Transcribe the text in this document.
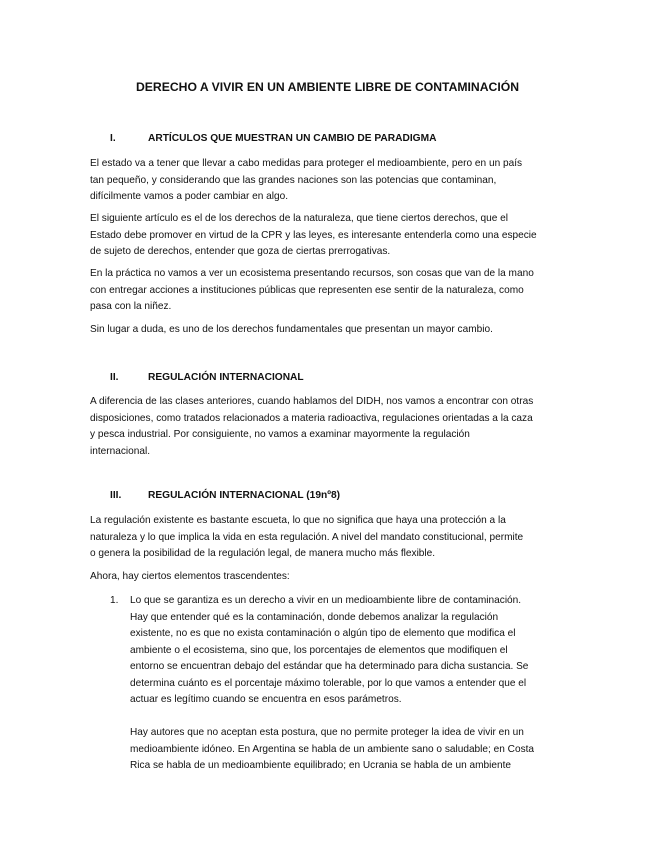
DERECHO A VIVIR EN UN AMBIENTE LIBRE DE CONTAMINACIÓN
I.	ARTÍCULOS QUE MUESTRAN UN CAMBIO DE PARADIGMA

El estado va a tener que llevar a cabo medidas para proteger el medioambiente, pero en un país
tan pequeño, y considerando que las grandes naciones son las potencias que contaminan,
difícilmente vamos a poder cambiar en algo.

El siguiente artículo es el de los derechos de la naturaleza, que tiene ciertos derechos, que el
Estado debe promover en virtud de la CPR y las leyes, es interesante entenderla como una especie
de sujeto de derechos, entender que goza de ciertas prerrogativas.

En la práctica no vamos a ver un ecosistema presentando recursos, son cosas que van de la mano
con entregar acciones a instituciones públicas que representen ese sentir de la naturaleza, como
pasa con la niñez.

Sin lugar a duda, es uno de los derechos fundamentales que presentan un mayor cambio.

II.	REGULACIÓN INTERNACIONAL

A diferencia de las clases anteriores, cuando hablamos del DIDH, nos vamos a encontrar con otras
disposiciones, como tratados relacionados a materia radioactiva, regulaciones orientadas a la caza
y pesca industrial. Por consiguiente, no vamos a examinar mayormente la regulación
internacional.

III.	REGULACIÓN INTERNACIONAL (19nº8)

La regulación existente es bastante escueta, lo que no significa que haya una protección a la
naturaleza y lo que implica la vida en esta regulación. A nivel del mandato constitucional, permite
o genera la posibilidad de la regulación legal, de manera mucho más flexible.

Ahora, hay ciertos elementos trascendentes:

1. Lo que se garantiza es un derecho a vivir en un medioambiente libre de contaminación.
Hay que entender qué es la contaminación, donde debemos analizar la regulación
existente, no es que no exista contaminación o algún tipo de elemento que modifica el
ambiente o el ecosistema, sino que, los porcentajes de elementos que modifiquen el
entorno se encuentran debajo del estándar que ha determinado para dicha sustancia. Se
determina cuánto es el porcentaje máximo tolerable, por lo que vamos a entender que el
actuar es legítimo cuando se encuentra en esos parámetros.
Hay autores que no aceptan esta postura, que no permite proteger la idea de vivir en un
medioambiente idóneo. En Argentina se habla de un ambiente sano o saludable; en Costa
Rica se habla de un medioambiente equilibrado; en Ucrania se habla de un ambiente
